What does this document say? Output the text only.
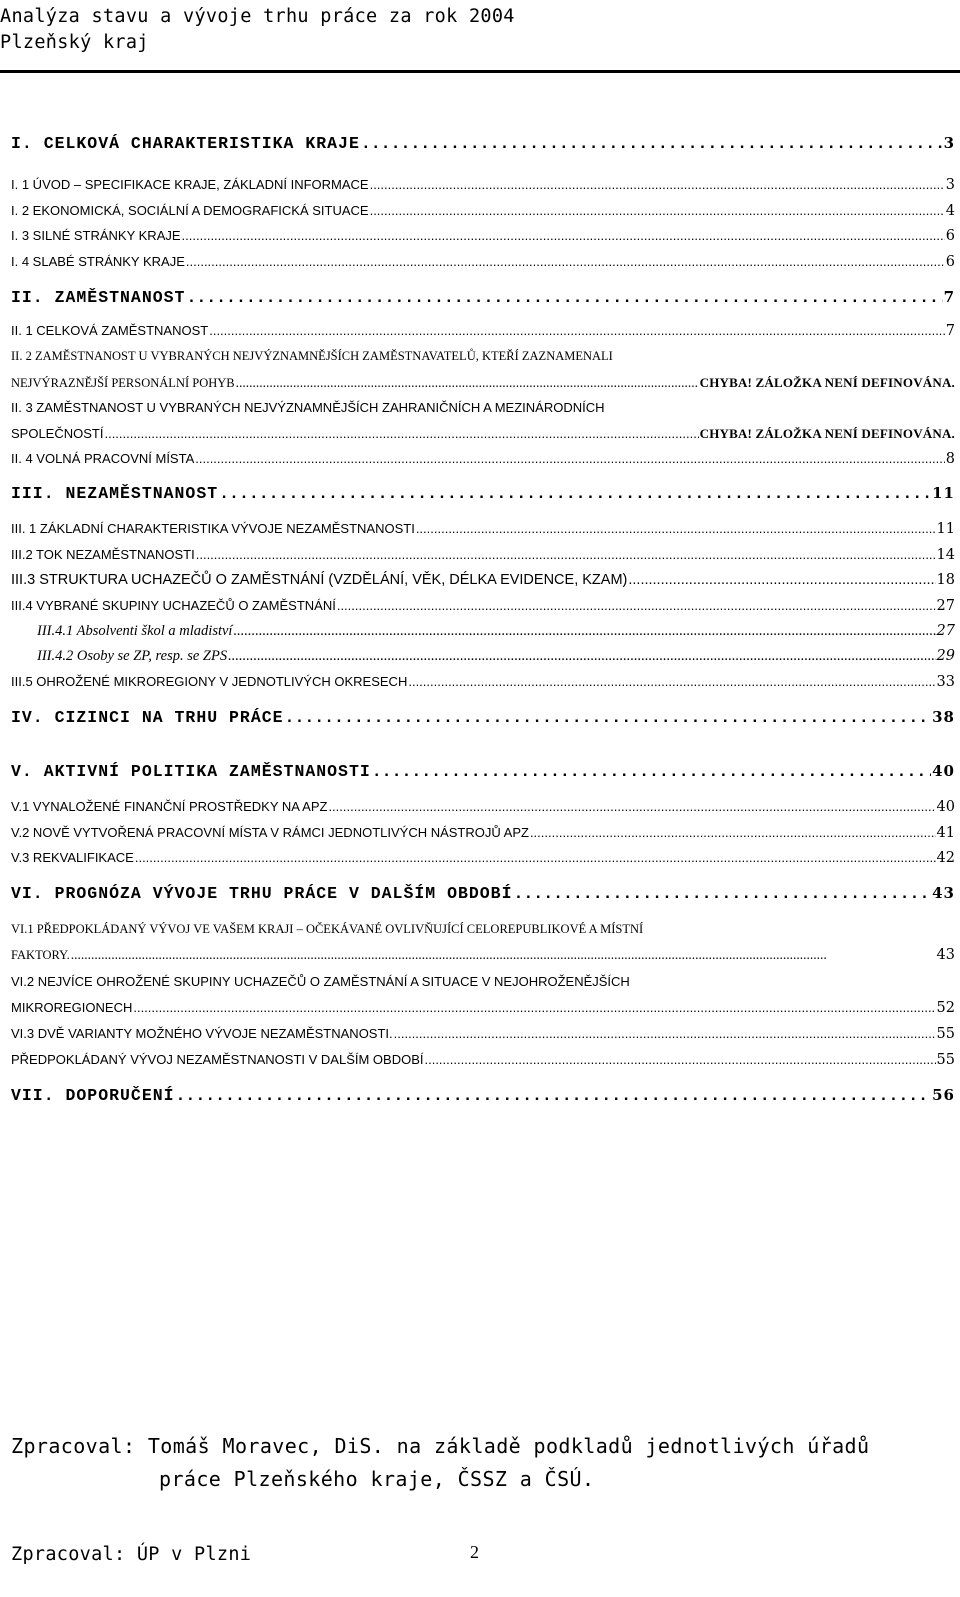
Analýza stavu a vývoje trhu práce za rok 2004
Plzeňský kraj
I. CELKOVÁ CHARAKTERISTIKA KRAJE .....	3
I. 1 ÚVOD – SPECIFIKACE KRAJE, ZÁKLADNÍ INFORMACE .....	3
I. 2 EKONOMICKÁ, SOCIÁLNÍ A DEMOGRAFICKÁ SITUACE .....	4
I. 3 SILNÉ STRÁNKY KRAJE .....	6
I. 4 SLABÉ STRÁNKY KRAJE .....	6
II. ZAMĚSTNANOST .....	7
II. 1 CELKOVÁ ZAMĚSTNANOST .....	7
II. 2 ZAMĚSTNANOST U VYBRANÝCH NEJVÝZNAMNĚJŠÍCH ZAMĚSTNAVATELŮ, KTEŘÍ ZAZNAMENALI
NEJVÝRAZNĚJŠÍ PERSONÁLNÍ POHYB .....	CHYBA! ZÁLOŽKA NENÍ DEFINOVÁNA.
II. 3 ZAMĚSTNANOST U VYBRANÝCH NEJVÝZNAMNĚJŠÍCH ZAHRANIČNÍCH A MEZINÁRODNÍCH
SPOLEČNOSTÍ .....	CHYBA! ZÁLOŽKA NENÍ DEFINOVÁNA.
II. 4 VOLNÁ PRACOVNÍ MÍSTA .....	8
III. NEZAMĚSTNANOST .....	11
III. 1 ZÁKLADNÍ CHARAKTERISTIKA VÝVOJE NEZAMĚSTNANOSTI .....	11
III.2 TOK NEZAMĚSTNANOSTI .....	14
III.3 STRUKTURA UCHAZEČŮ O ZAMĚSTNÁNÍ (VZDĚLÁNÍ, VĚK, DÉLKA EVIDENCE, KZAM) .....	18
III.4 VYBRANÉ SKUPINY UCHAZEČŮ O ZAMĚSTNÁNÍ .....	27
III.4.1 Absolventi škol a mladiství .....	27
III.4.2 Osoby se ZP, resp. se ZPS .....	29
III.5 OHROŽENÉ MIKROREGIONY V JEDNOTLIVÝCH OKRESECH .....	33
IV. CIZINCI NA TRHU PRÁCE .....	38
V. AKTIVNÍ POLITIKA ZAMĚSTNANOSTI .....	40
V.1 VYNALOŽENÉ FINANČNÍ PROSTŘEDKY NA APZ .....	40
V.2 NOVĚ VYTVOŘENÁ PRACOVNÍ MÍSTA V RÁMCI JEDNOTLIVÝCH NÁSTROJŮ APZ .....	41
V.3 REKVALIFIKACE .....	42
VI. PROGNÓZA VÝVOJE TRHU PRÁCE V DALŠÍM OBDOBÍ .....	43
VI.1 PŘEDPOKLÁDANÝ VÝVOJ VE VAŠEM KRAJI – OČEKÁVANÉ OVLIVŇUJÍCÍ CELOREPUBLIKOVÉ A MÍSTNÍ
FAKTORY. .....	43
VI.2 NEJVÍCE OHROŽENÉ SKUPINY UCHAZEČŮ O ZAMĚSTNÁNÍ A SITUACE V NEJOHROŽENĚJŠÍCH
MIKROREGIONECH .....	52
VI.3 DVĚ VARIANTY MOŽNÉHO VÝVOJE NEZAMĚSTNANOSTI. .....	55
PŘEDPOKLÁDANÝ VÝVOJ NEZAMĚSTNANOSTI V DALŠÍM OBDOBÍ .....	55
VII. DOPORUČENÍ .....	56
Zpracoval: Tomáš Moravec, DiS. na základě podkladů jednotlivých úřadů
práce Plzeňského kraje, ČSSZ a ČSÚ.
Zpracoval: ÚP v Plzni	2
